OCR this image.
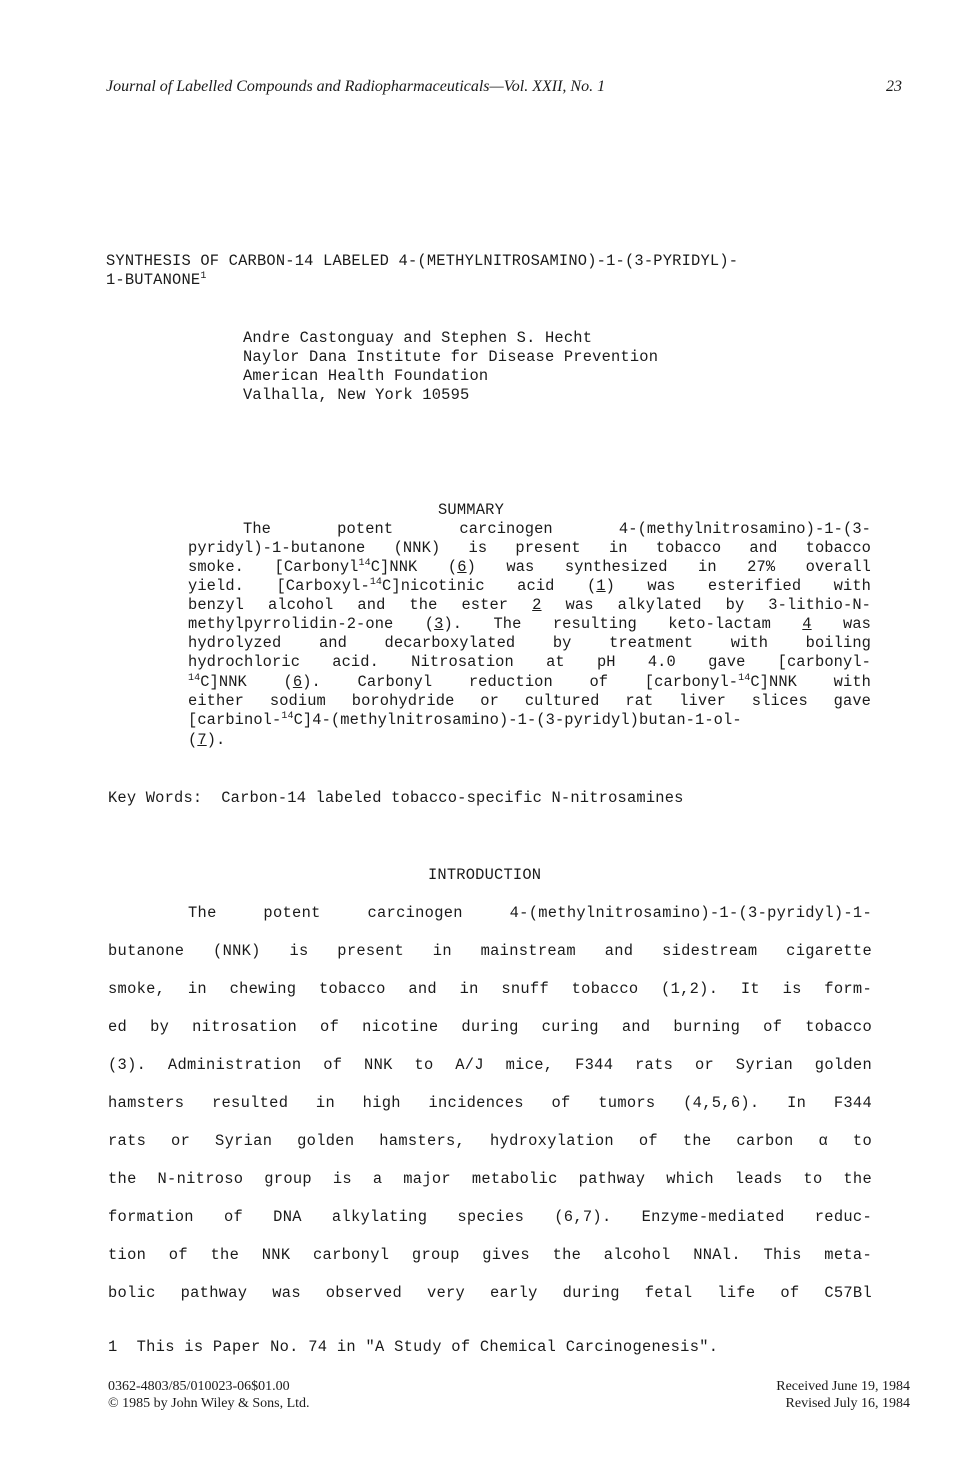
Journal of Labelled Compounds and Radiopharmaceuticals—Vol. XXII, No. 1	23
SYNTHESIS OF CARBON-14 LABELED 4-(METHYLNITROSAMINO)-1-(3-PYRIDYL)-
1-BUTANONE$^1$
Andre Castonguay and Stephen S. Hecht
Naylor Dana Institute for Disease Prevention
American Health Foundation
Valhalla, New York 10595
SUMMARY
The potent carcinogen 4-(methylnitrosamino)-1-(3-
pyridyl)-1-butanone (NNK) is present in tobacco and tobacco
smoke. [Carbonyl$^{14}$C]NNK (6) was synthesized in 27% overall
yield. [Carboxyl-$^{14}$C]nicotinic acid (1) was esterified with
benzyl alcohol and the ester 2 was alkylated by 3-lithio-N-
methylpyrrolidin-2-one (3). The resulting keto-lactam 4 was
hydrolyzed and decarboxylated by treatment with boiling
hydrochloric acid. Nitrosation at pH 4.0 gave [carbonyl-
$^{14}$C]NNK (6). Carbonyl reduction of [carbonyl-$^{14}$C]NNK with
either sodium borohydride or cultured rat liver slices gave
[carbinol-$^{14}$C]4-(methylnitrosamino)-1-(3-pyridyl)butan-1-ol-
(7).
Key Words: Carbon-14 labeled tobacco-specific N-nitrosamines
INTRODUCTION
The potent carcinogen 4-(methylnitrosamino)-1-(3-pyridyl)-1-
butanone (NNK) is present in mainstream and sidestream cigarette
smoke, in chewing tobacco and in snuff tobacco (1,2). It is form-
ed by nitrosation of nicotine during curing and burning of tobacco
(3). Administration of NNK to A/J mice, F344 rats or Syrian golden
hamsters resulted in high incidences of tumors (4,5,6). In F344
rats or Syrian golden hamsters, hydroxylation of the carbon α to
the N-nitroso group is a major metabolic pathway which leads to the
formation of DNA alkylating species (6,7). Enzyme-mediated reduc-
tion of the NNK carbonyl group gives the alcohol NNAl. This meta-
bolic pathway was observed very early during fetal life of C57Bl
1  This is Paper No. 74 in "A Study of Chemical Carcinogenesis".
0362-4803/85/010023-06$01.00
© 1985 by John Wiley & Sons, Ltd.
Received June 19, 1984
Revised July 16, 1984
